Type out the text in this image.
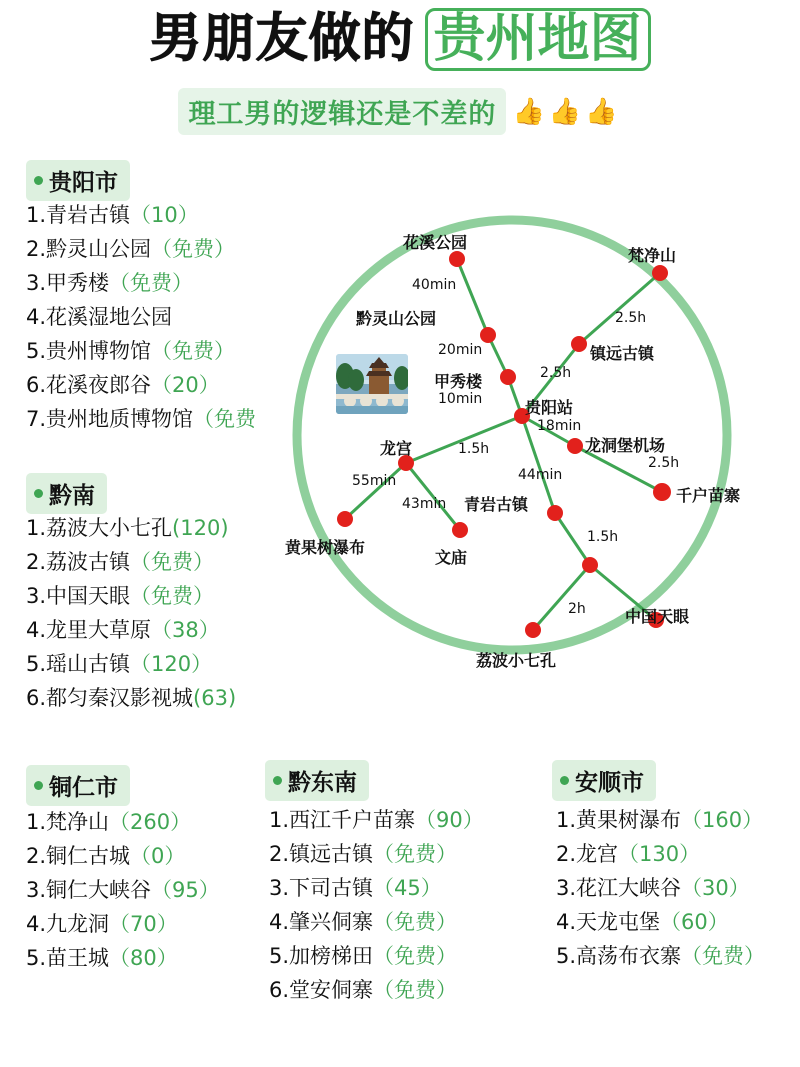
男朋友做的 贵州地图
理工男的逻辑还是不差的 👍👍👍
贵阳市
1.青岩古镇（10）
2.黔灵山公园（免费）
3.甲秀楼（免费）
4.花溪湿地公园
5.贵州博物馆（免费）
6.花溪夜郎谷（20）
7.贵州地质博物馆（免费
黔南
1.荔波大小七孔(120)
2.荔波古镇（免费）
3.中国天眼（免费）
4.龙里大草原（38）
5.瑶山古镇（120）
6.都匀秦汉影视城(63)
铜仁市
1.梵净山（260）
2.铜仁古城（0）
3.铜仁大峡谷（95）
4.九龙洞（70）
5.苗王城（80）
黔东南
1.西江千户苗寨（90）
2.镇远古镇（免费）
3.下司古镇（45）
4.肇兴侗寨（免费）
5.加榜梯田（免费）
6.堂安侗寨（免费）
安顺市
1.黄果树瀑布（160）
2.龙宫（130）
3.花江大峡谷（30）
4.天龙屯堡（60）
5.高荡布衣寨（免费）
花溪公园
梵净山
黔灵山公园
镇远古镇
甲秀楼
贵阳站
龙洞堡机场
千户苗寨
龙宫
青岩古镇
黄果树瀑布
文庙
中国天眼
荔波小七孔
40min
2.5h
20min
2.5h
10min
18min
1.5h
44min
2.5h
55min
43min
1.5h
2h
